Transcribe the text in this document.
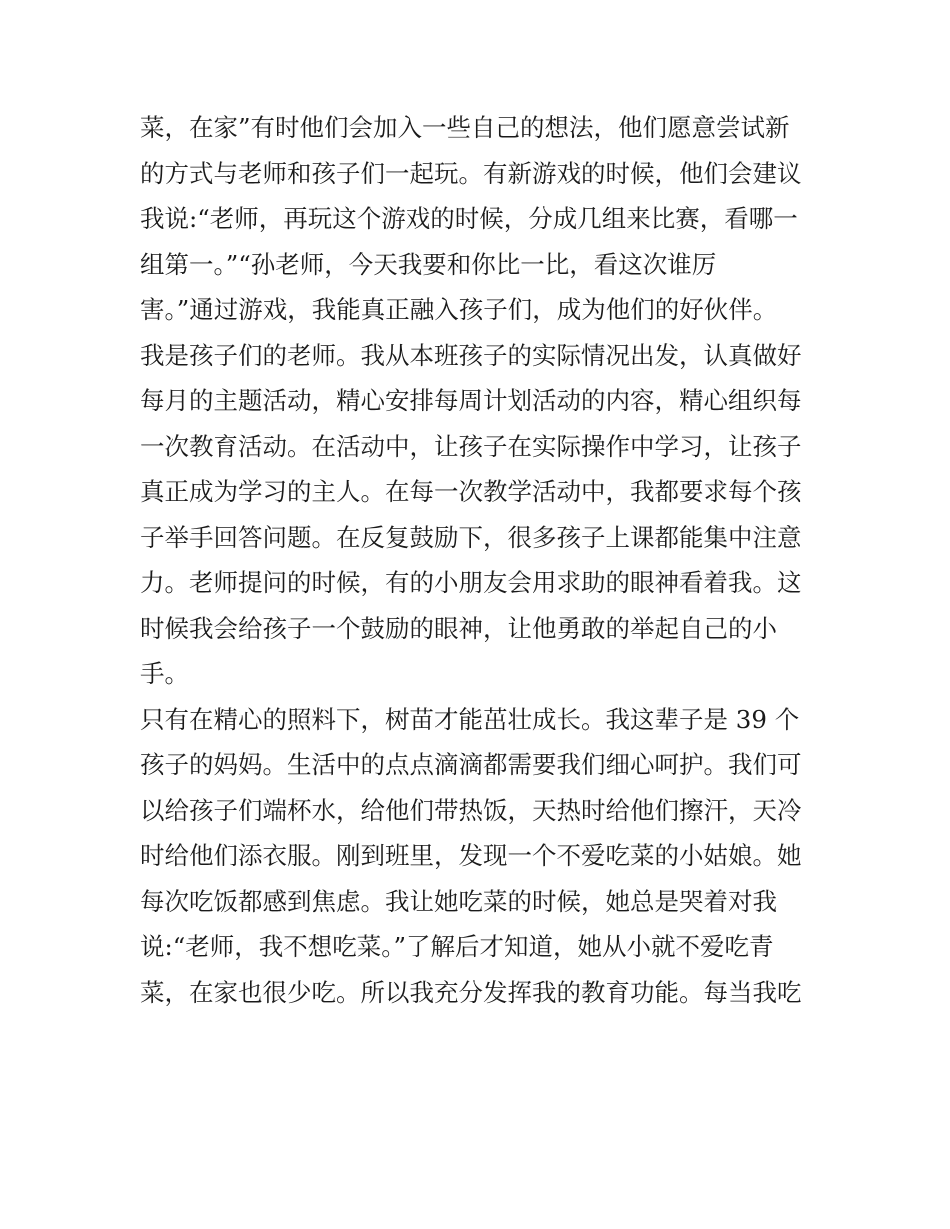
菜，在家”有时他们会加入一些自己的想法，他们愿意尝试新
的方式与老师和孩子们一起玩。有新游戏的时候，他们会建议
我说:“老师，再玩这个游戏的时候，分成几组来比赛，看哪一
组第一。”“孙老师，今天我要和你比一比，看这次谁厉
害。”通过游戏，我能真正融入孩子们，成为他们的好伙伴。
我是孩子们的老师。我从本班孩子的实际情况出发，认真做好
每月的主题活动，精心安排每周计划活动的内容，精心组织每
一次教育活动。在活动中，让孩子在实际操作中学习，让孩子
真正成为学习的主人。在每一次教学活动中，我都要求每个孩
子举手回答问题。在反复鼓励下，很多孩子上课都能集中注意
力。老师提问的时候，有的小朋友会用求助的眼神看着我。这
时候我会给孩子一个鼓励的眼神，让他勇敢的举起自己的小
手。
只有在精心的照料下，树苗才能茁壮成长。我这辈子是 39 个
孩子的妈妈。生活中的点点滴滴都需要我们细心呵护。我们可
以给孩子们端杯水，给他们带热饭，天热时给他们擦汗，天冷
时给他们添衣服。刚到班里，发现一个不爱吃菜的小姑娘。她
每次吃饭都感到焦虑。我让她吃菜的时候，她总是哭着对我
说:“老师，我不想吃菜。”了解后才知道，她从小就不爱吃青
菜，在家也很少吃。所以我充分发挥我的教育功能。每当我吃
